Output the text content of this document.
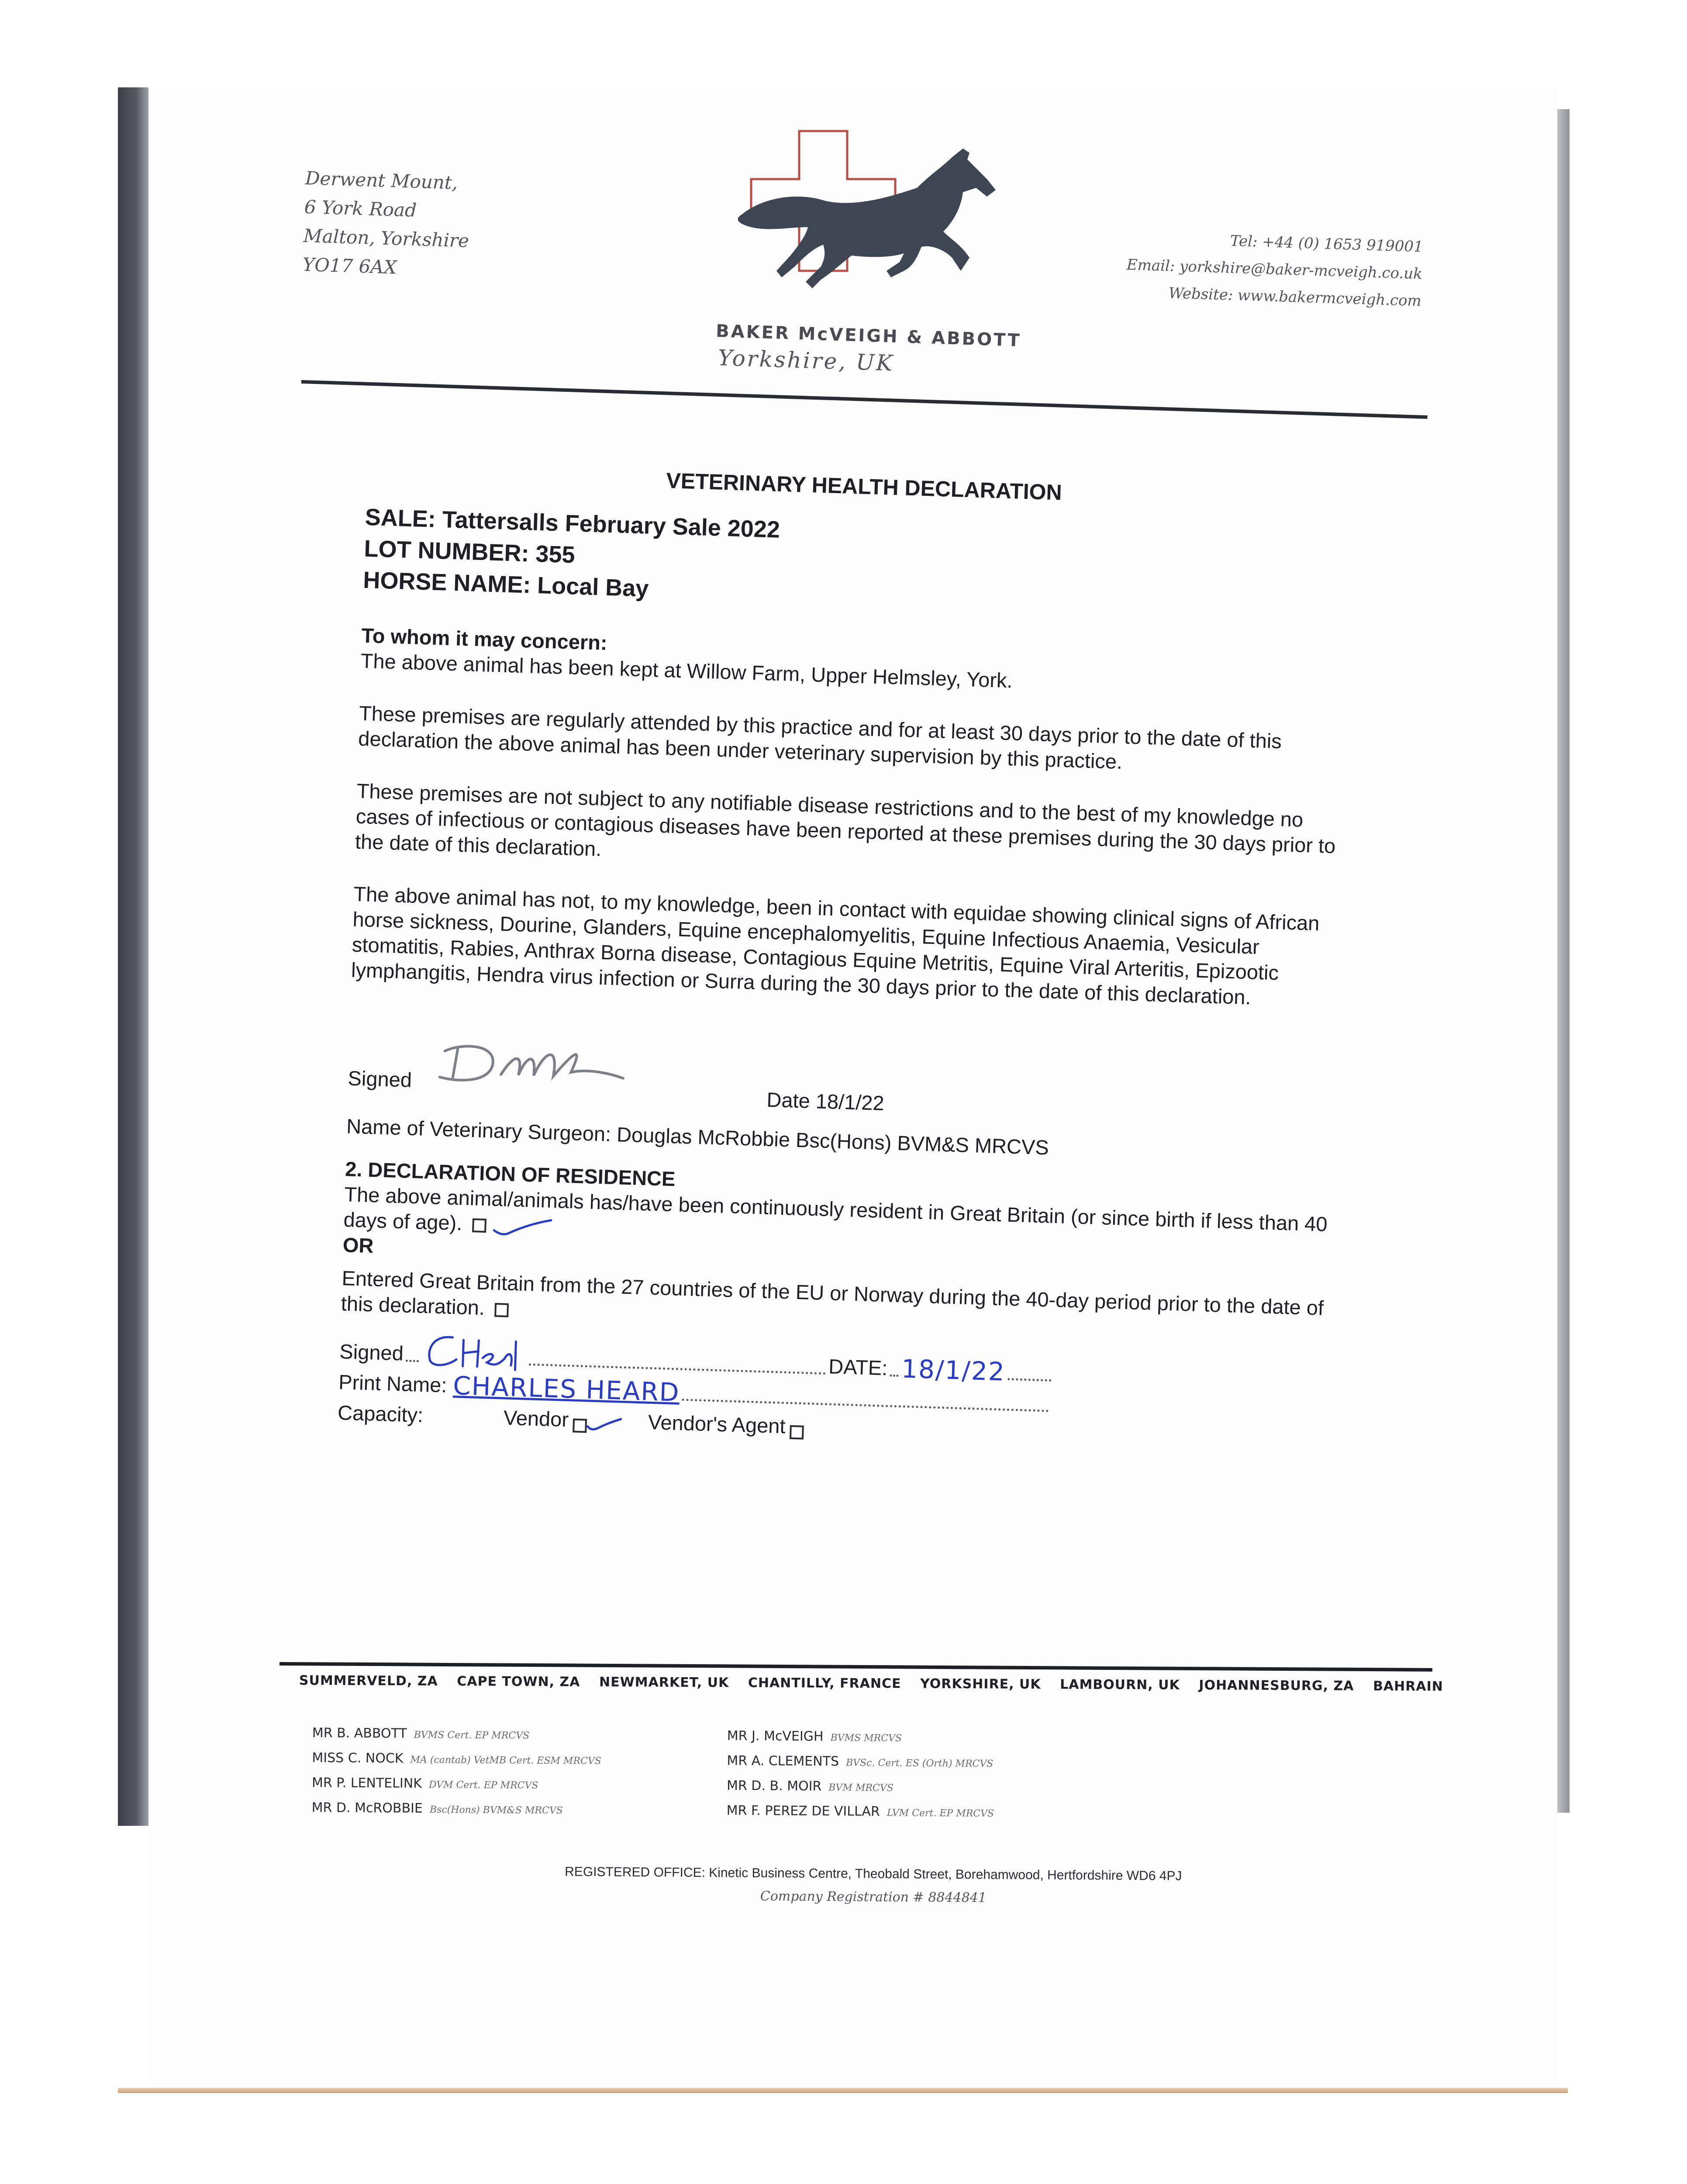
Derwent Mount,
6 York Road
Malton, Yorkshire
YO17 6AX
BAKER McVEIGH & ABBOTT
Yorkshire, UK
Tel: +44 (0) 1653 919001
Email: yorkshire@baker-mcveigh.co.uk
Website: www.bakermcveigh.com
VETERINARY HEALTH DECLARATION
SALE: Tattersalls February Sale 2022
LOT NUMBER: 355
HORSE NAME: Local Bay

To whom it may concern:

The above animal has been kept at Willow Farm, Upper Helmsley, York.

These premises are regularly attended by this practice and for at least 30 days prior to the date of this declaration the above animal has been under veterinary supervision by this practice.

These premises are not subject to any notifiable disease restrictions and to the best of my knowledge no cases of infectious or contagious diseases have been reported at these premises during the 30 days prior to the date of this declaration.

The above animal has not, to my knowledge, been in contact with equidae showing clinical signs of African horse sickness, Dourine, Glanders, Equine encephalomyelitis, Equine Infectious Anaemia, Vesicular stomatitis, Rabies, Anthrax Borna disease, Contagious Equine Metritis, Equine Viral Arteritis, Epizootic lymphangitis, Hendra virus infection or Surra during the 30 days prior to the date of this declaration.

Signed
Date 18/1/22

Name of Veterinary Surgeon: Douglas McRobbie Bsc(Hons) BVM&S MRCVS

2. DECLARATION OF RESIDENCE

The above animal/animals has/have been continuously resident in Great Britain (or since birth if less than 40 days of age).

OR

Entered Great Britain from the 27 countries of the EU or Norway during the 40-day period prior to the date of this declaration.

Signed
DATE: 18/1/22
Print Name: CHARLES HEARD
Capacity:	Vendor	Vendor's Agent
SUMMERVELD, ZA CAPE TOWN, ZA NEWMARKET, UK CHANTILLY, FRANCE YORKSHIRE, UK LAMBOURN, UK JOHANNESBURG, ZA BAHRAIN
MR B. ABBOTT BVMS Cert. EP MRCVS	MR J. McVEIGH BVMS MRCVS
MISS C. NOCK MA (cantab) VetMB Cert. ESM MRCVS	MR A. CLEMENTS BVSc. Cert. ES (Orth) MRCVS
MR P. LENTELINK DVM Cert. EP MRCVS	MR D. B. MOIR BVM MRCVS
MR D. McROBBIE Bsc(Hons) BVM&S MRCVS	MR F. PEREZ DE VILLAR LVM Cert. EP MRCVS
REGISTERED OFFICE: Kinetic Business Centre, Theobald Street, Borehamwood, Hertfordshire WD6 4PJ
Company Registration # 8844841
